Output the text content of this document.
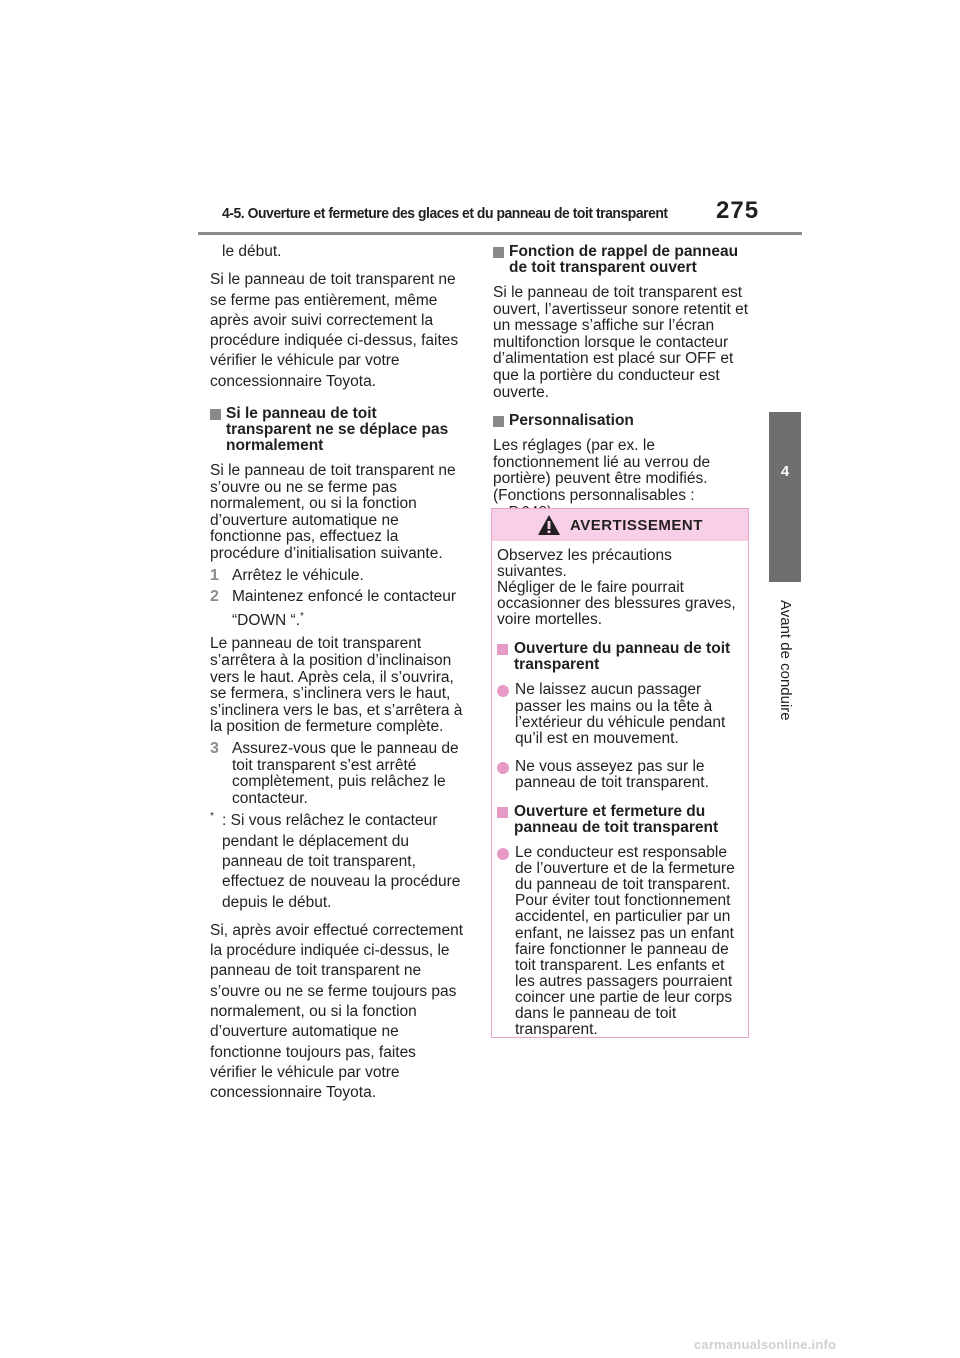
4-5. Ouverture et fermeture des glaces et du panneau de toit transparent 275
4
Avant de conduire

le début.

Si le panneau de toit transparent ne se ferme pas entièrement, même après avoir suivi correctement la procédure indiquée ci-dessus, faites vérifier le véhicule par votre concessionnaire Toyota.

Si le panneau de toit transparent ne se déplace pas normalement

Si le panneau de toit transparent ne s’ouvre ou ne se ferme pas normalement, ou si la fonction d’ouverture automatique ne fonctionne pas, effectuez la procédure d’initialisation suivante.

1 Arrêtez le véhicule.
2 Maintenez enfoncé le contacteur “DOWN “.*

Le panneau de toit transparent s’arrêtera à la position d’inclinaison vers le haut. Après cela, il s’ouvrira, se fermera, s’inclinera vers le haut, s’inclinera vers le bas, et s’arrêtera à la position de fermeture complète.

3 Assurez-vous que le panneau de toit transparent s’est arrêté complètement, puis relâchez le contacteur.
* : Si vous relâchez le contacteur pendant le déplacement du panneau de toit transparent, effectuez de nouveau la procédure depuis le début.

Si, après avoir effectué correctement la procédure indiquée ci-dessus, le panneau de toit transparent ne s’ouvre ou ne se ferme toujours pas normalement, ou si la fonction d’ouverture automatique ne fonctionne toujours pas, faites vérifier le véhicule par votre concessionnaire Toyota.

Fonction de rappel de panneau de toit transparent ouvert

Si le panneau de toit transparent est ouvert, l’avertisseur sonore retentit et un message s’affiche sur l’écran multifonction lorsque le contacteur d’alimentation est placé sur OFF et que la portière du conducteur est ouverte.

Personnalisation

Les réglages (par ex. le fonctionnement lié au verrou de portière) peuvent être modifiés. (Fonctions personnalisables :

AVERTISSEMENT

Observez les précautions suivantes.

Négliger de le faire pourrait occasionner des blessures graves, voire mortelles.

Ouverture du panneau de toit transparent
Ne laissez aucun passager passer les mains ou la tête à l’extérieur du véhicule pendant qu’il est en mouvement.
Ne vous asseyez pas sur le panneau de toit transparent.
Ouverture et fermeture du panneau de toit transparent
Le conducteur est responsable de l’ouverture et de la fermeture du panneau de toit transparent. Pour éviter tout fonctionnement accidentel, en particulier par un enfant, ne laissez pas un enfant faire fonctionner le panneau de toit transparent. Les enfants et les autres passagers pourraient coincer une partie de leur corps dans le panneau de toit transparent.
carmanualsonline.info
